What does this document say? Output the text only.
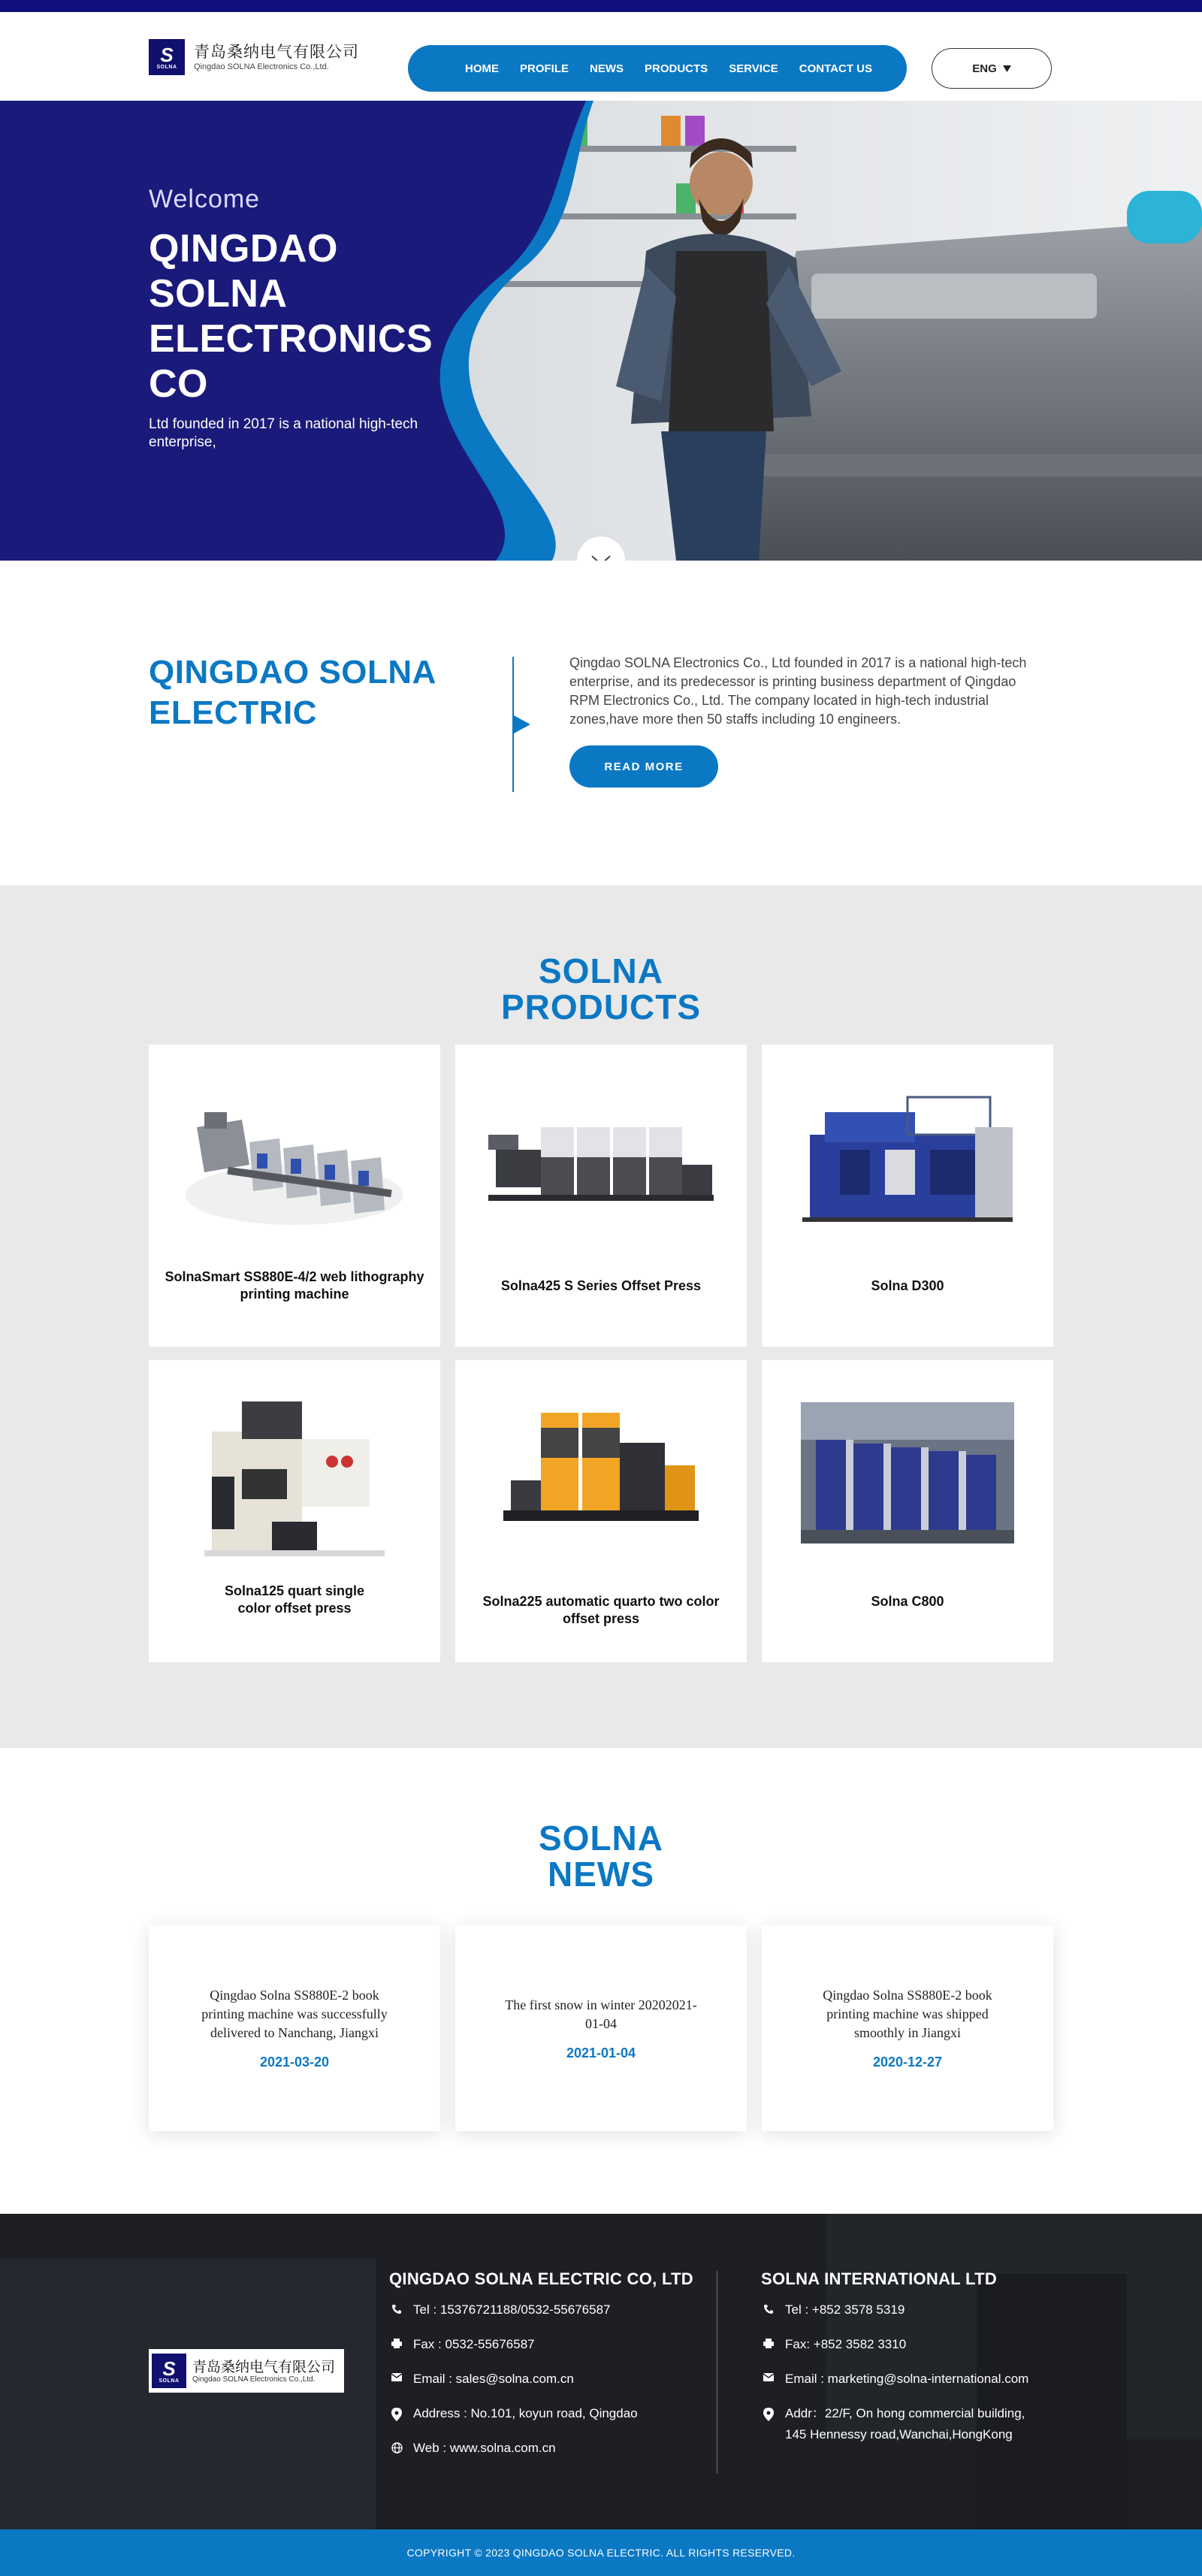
S
SOLNA
青岛桑纳电气有限公司
Qingdao SOLNA Electronics Co.,Ltd.	HOME PROFILE NEWS PRODUCTS SERVICE CONTACT US	ENG
Welcome
QINGDAO SOLNA ELECTRONICS CO
Ltd founded in 2017 is a national high-tech enterprise,
QINGDAO SOLNA ELECTRIC
Qingdao SOLNA Electronics Co., Ltd founded in 2017 is a national high-tech enterprise, and its predecessor is printing business department of Qingdao RPM Electronics Co., Ltd. The company located in high-tech industrial zones,have more then 50 staffs including 10 engineers.
READ MORE
SOLNA PRODUCTS
SolnaSmart SS880E-4/2 web lithography printing machine
Solna425 S Series Offset Press	Solna D300
Solna125 quart single color offset press	Solna225 automatic quarto two color offset press
Solna C800
SOLNA NEWS
Qingdao Solna SS880E-2 book printing machine was successfully delivered to Nanchang, Jiangxi
2021-03-20
The first snow in winter 20202021-01-04
2021-01-04
Qingdao Solna SS880E-2 book printing machine was shipped smoothly in Jiangxi
2020-12-27
S
SOLNA
青岛桑纳电气有限公司
Qingdao SOLNA Electronics Co.,Ltd.
QINGDAO SOLNA ELECTRIC CO, LTD
Tel : 15376721188/0532-55676587
Fax : 0532-55676587
Email : sales@solna.com.cn
Address : No.101, koyun road, Qingdao
Web : www.solna.com.cn
SOLNA INTERNATIONAL LTD
Tel : +852 3578 5319
Fax: +852 3582 3310
Email : marketing@solna-international.com
Addr：22/F, On hong commercial building,
145 Hennessy road,Wanchai,HongKong
COPYRIGHT © 2023 QINGDAO SOLNA ELECTRIC. ALL RIGHTS RESERVED.
